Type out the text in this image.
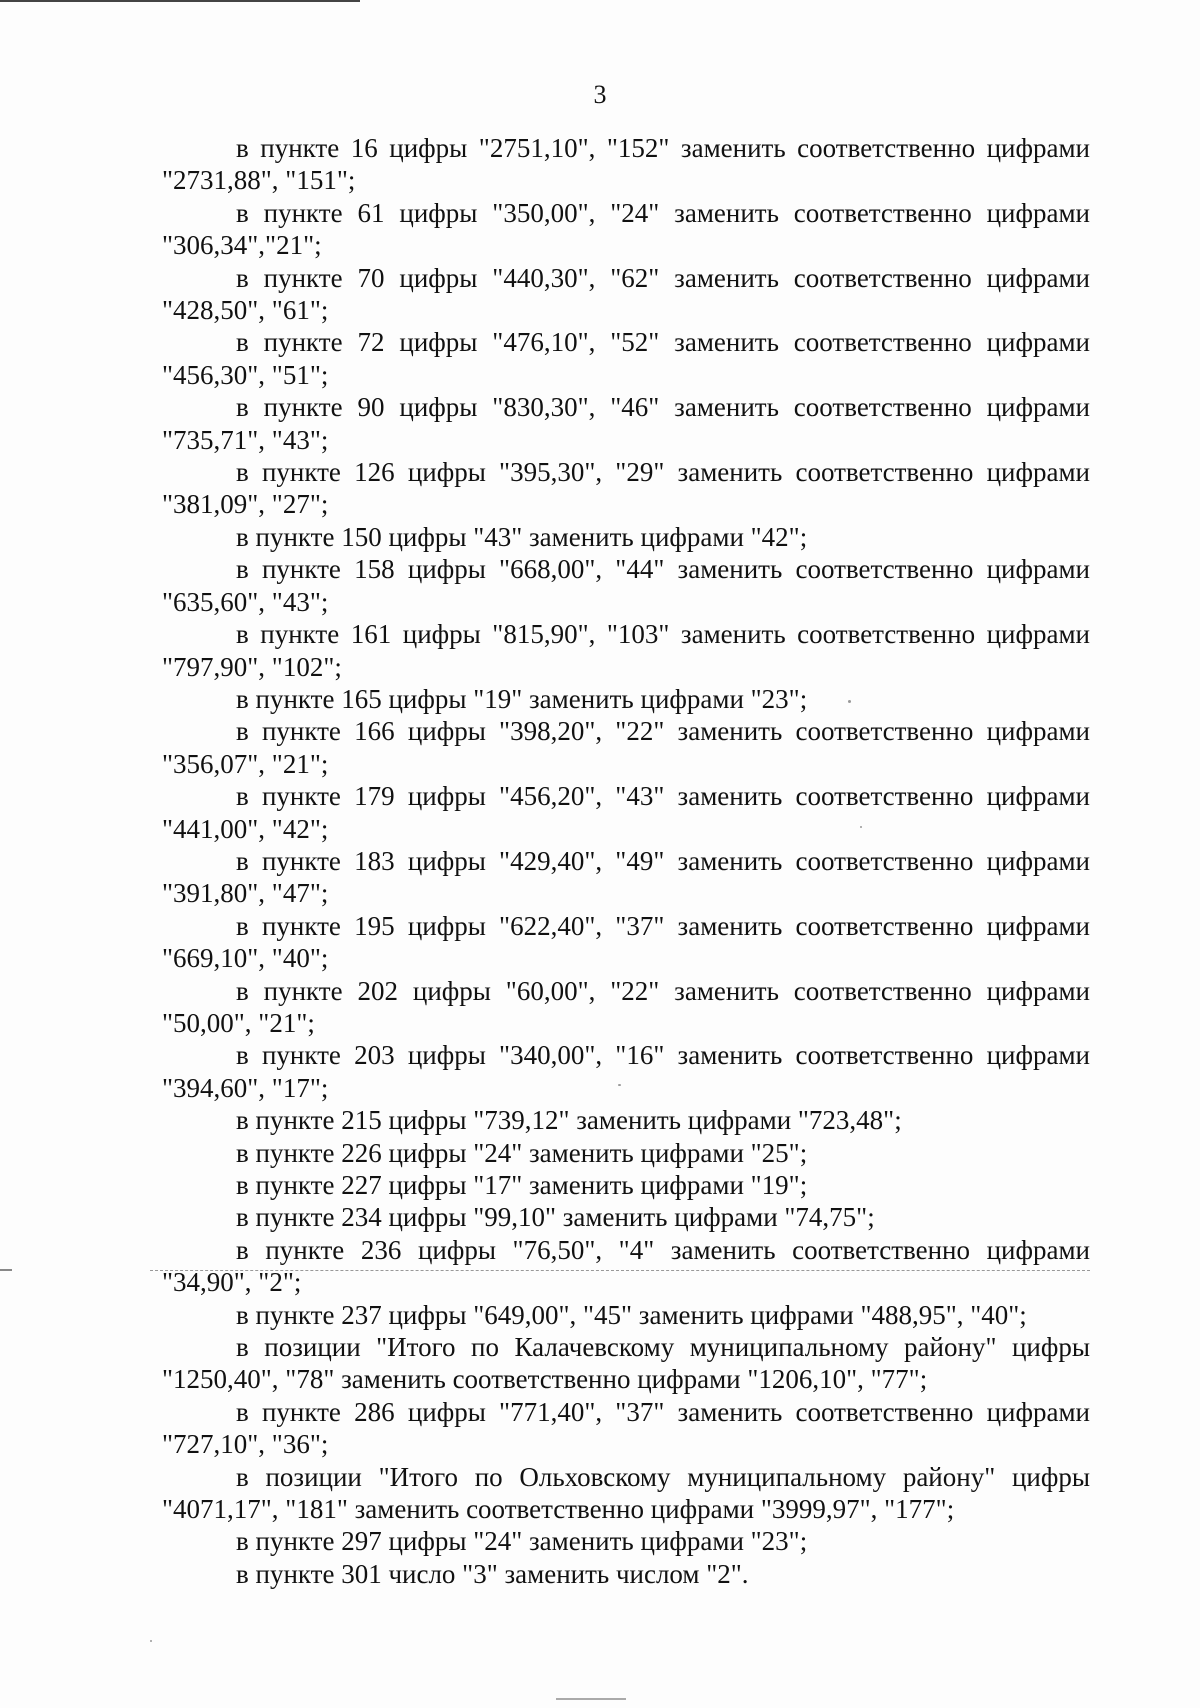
3

в пункте 16 цифры "2751,10", "152" заменить соответственно цифрами "2731,88", "151";

в пункте 61 цифры "350,00", "24" заменить соответственно цифрами "306,34","21";

в пункте 70 цифры "440,30", "62" заменить соответственно цифрами "428,50", "61";

в пункте 72 цифры "476,10", "52" заменить соответственно цифрами "456,30", "51";

в пункте 90 цифры "830,30", "46" заменить соответственно цифрами "735,71", "43";

в пункте 126 цифры "395,30", "29" заменить соответственно цифрами "381,09", "27";

в пункте 150 цифры "43" заменить цифрами "42";

в пункте 158 цифры "668,00", "44" заменить соответственно цифрами "635,60", "43";

в пункте 161 цифры "815,90", "103" заменить соответственно цифрами "797,90", "102";

в пункте 165 цифры "19" заменить цифрами "23";

в пункте 166 цифры "398,20", "22" заменить соответственно цифрами "356,07", "21";

в пункте 179 цифры "456,20", "43" заменить соответственно цифрами "441,00", "42";

в пункте 183 цифры "429,40", "49" заменить соответственно цифрами "391,80", "47";

в пункте 195 цифры "622,40", "37" заменить соответственно цифрами "669,10", "40";

в пункте 202 цифры "60,00", "22" заменить соответственно цифрами "50,00", "21";

в пункте 203 цифры "340,00", "16" заменить соответственно цифрами "394,60", "17";

в пункте 215 цифры "739,12" заменить цифрами "723,48";

в пункте 226 цифры "24" заменить цифрами "25";

в пункте 227 цифры "17" заменить цифрами "19";

в пункте 234 цифры "99,10" заменить цифрами "74,75";

в пункте 236 цифры "76,50", "4" заменить соответственно цифрами "34,90", "2";

в пункте 237 цифры "649,00", "45" заменить цифрами "488,95", "40";

в позиции "Итого по Калачевскому муниципальному району" цифры "1250,40", "78" заменить соответственно цифрами "1206,10", "77";

в пункте 286 цифры "771,40", "37" заменить соответственно цифрами "727,10", "36";

в позиции "Итого по Ольховскому муниципальному району" цифры "4071,17", "181" заменить соответственно цифрами "3999,97", "177";

в пункте 297 цифры "24" заменить цифрами "23";

в пункте 301 число "3" заменить числом "2".
